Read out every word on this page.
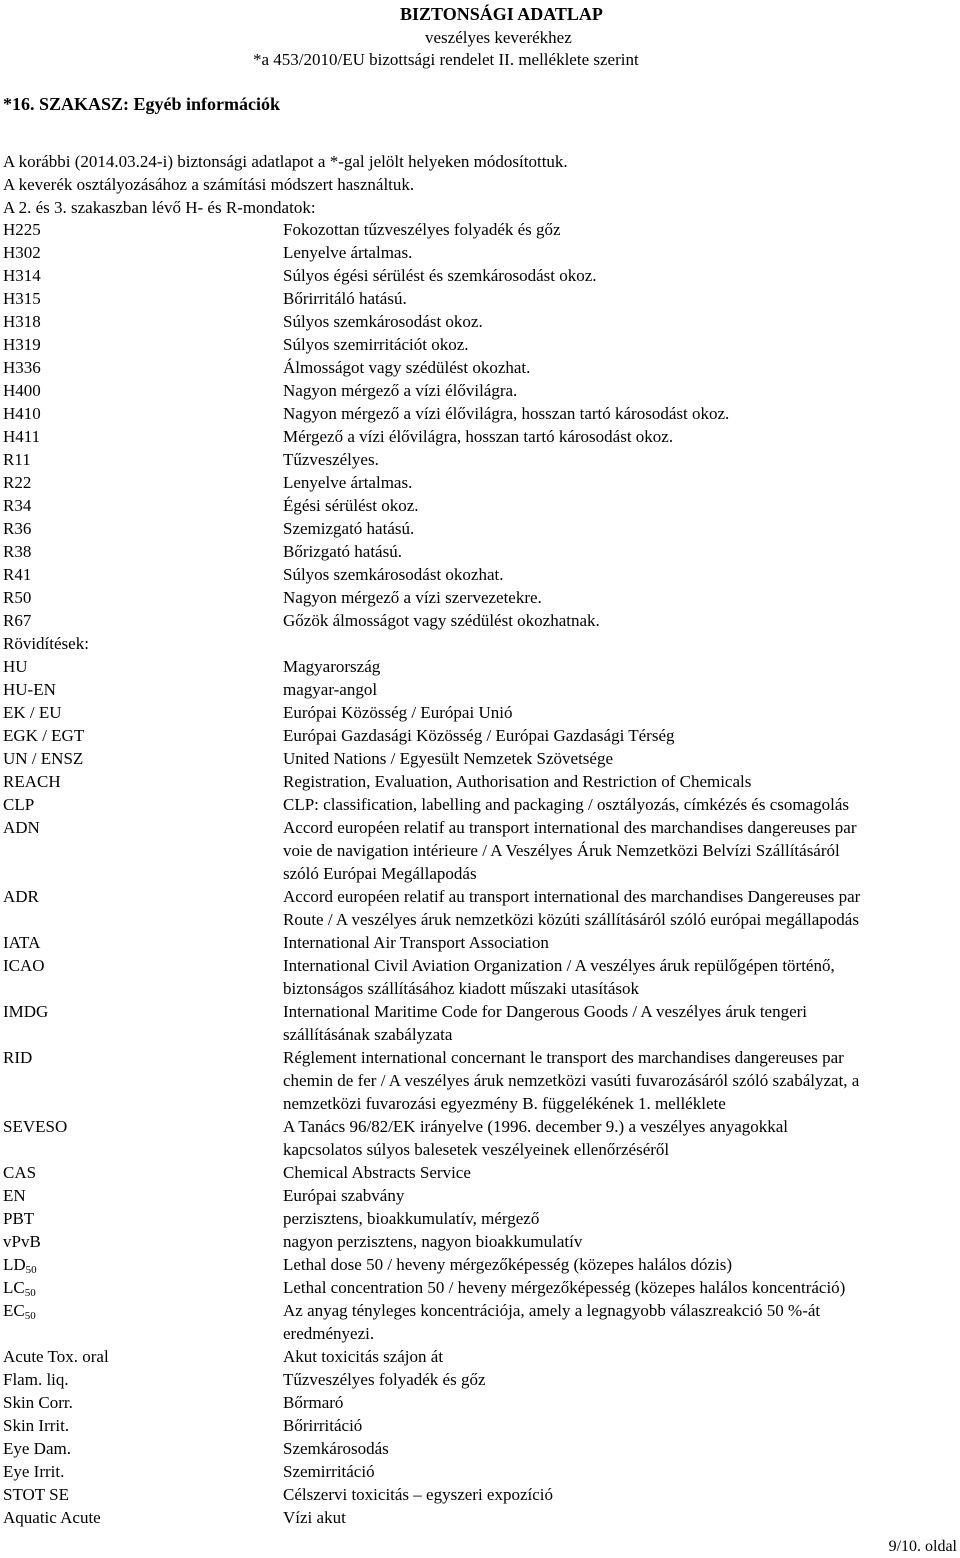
BIZTONSÁGI ADATLAP
veszélyes keverékhez
*a 453/2010/EU bizottsági rendelet II. melléklete szerint
*16. SZAKASZ: Egyéb információk
A korábbi (2014.03.24-i) biztonsági adatlapot a *-gal jelölt helyeken módosítottuk.
A keverék osztályozásához a számítási módszert használtuk.
A 2. és 3. szakaszban lévő H- és R-mondatok:
H225	Fokozottan tűzveszélyes folyadék és gőz
H302	Lenyelve ártalmas.
H314	Súlyos égési sérülést és szemkárosodást okoz.
H315	Bőrirritáló hatású.
H318	Súlyos szemkárosodást okoz.
H319	Súlyos szemirritációt okoz.
H336	Álmosságot vagy szédülést okozhat.
H400	Nagyon mérgező a vízi élővilágra.
H410	Nagyon mérgező a vízi élővilágra, hosszan tartó károsodást okoz.
H411	Mérgező a vízi élővilágra, hosszan tartó károsodást okoz.
R11	Tűzveszélyes.
R22	Lenyelve ártalmas.
R34	Égési sérülést okoz.
R36	Szemizgató hatású.
R38	Bőrizgató hatású.
R41	Súlyos szemkárosodást okozhat.
R50	Nagyon mérgező a vízi szervezetekre.
R67	Gőzök álmosságot vagy szédülést okozhatnak.
Rövidítések:
HU	Magyarország
HU-EN	magyar-angol
EK / EU	Európai Közösség / Európai Unió
EGK / EGT	Európai Gazdasági Közösség / Európai Gazdasági Térség
UN / ENSZ	United Nations / Egyesült Nemzetek Szövetsége
REACH	Registration, Evaluation, Authorisation and Restriction of Chemicals
CLP	CLP: classification, labelling and packaging / osztályozás, címkézés és csomagolás
ADN	Accord européen relatif au transport international des marchandises dangereuses par
voie de navigation intérieure / A Veszélyes Áruk Nemzetközi Belvízi Szállításáról
szóló Európai Megállapodás
ADR	Accord européen relatif au transport international des marchandises Dangereuses par
Route / A veszélyes áruk nemzetközi közúti szállításáról szóló európai megállapodás
IATA	International Air Transport Association
ICAO	International Civil Aviation Organization / A veszélyes áruk repülőgépen történő,
biztonságos szállításához kiadott műszaki utasítások
IMDG	International Maritime Code for Dangerous Goods / A veszélyes áruk tengeri
szállításának szabályzata
RID	Réglement international concernant le transport des marchandises dangereuses par
chemin de fer / A veszélyes áruk nemzetközi vasúti fuvarozásáról szóló szabályzat, a
nemzetközi fuvarozási egyezmény B. függelékének 1. melléklete
SEVESO	A Tanács 96/82/EK irányelve (1996. december 9.) a veszélyes anyagokkal
kapcsolatos súlyos balesetek veszélyeinek ellenőrzéséről
CAS	Chemical Abstracts Service
EN	Európai szabvány
PBT	perzisztens, bioakkumulatív, mérgező
vPvB	nagyon perzisztens, nagyon bioakkumulatív
$LD_{50}$	Lethal dose 50 / heveny mérgezőképesség (közepes halálos dózis)
$LC_{50}$	Lethal concentration 50 / heveny mérgezőképesség (közepes halálos koncentráció)
$EC_{50}$	Az anyag tényleges koncentrációja, amely a legnagyobb válaszreakció 50 %-át
eredményezi.
Acute Tox. oral	Akut toxicitás szájon át
Flam. liq.	Tűzveszélyes folyadék és gőz
Skin Corr.	Bőrmaró
Skin Irrit.	Bőrirritáció
Eye Dam.	Szemkárosodás
Eye Irrit.	Szemirritáció
STOT SE	Célszervi toxicitás – egyszeri expozíció
Aquatic Acute	Vízi akut
9/10. oldal
